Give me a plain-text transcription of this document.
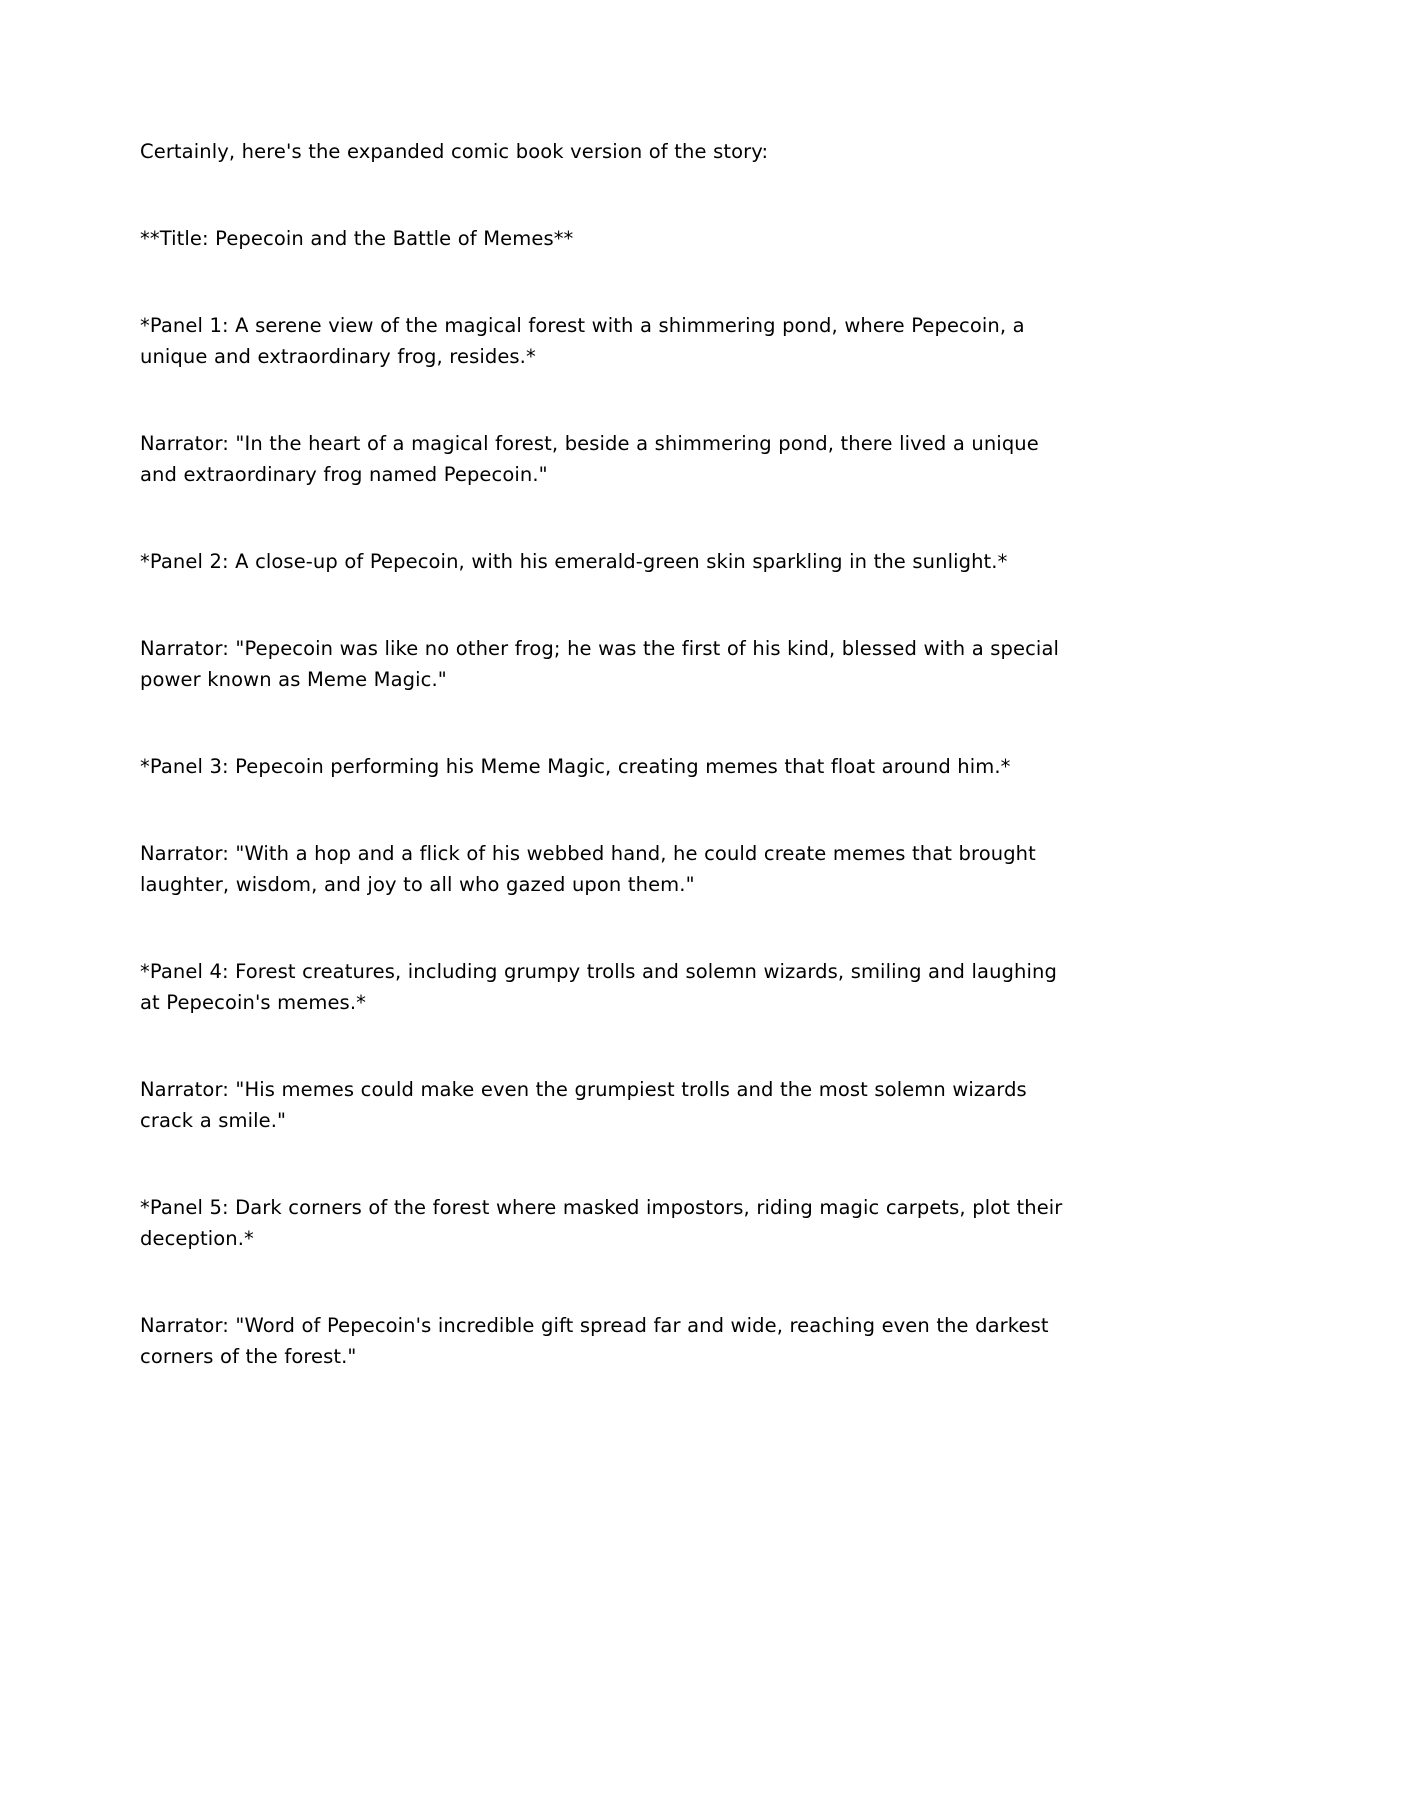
Certainly, here's the expanded comic book version of the story:

**Title: Pepecoin and the Battle of Memes**

*Panel 1: A serene view of the magical forest with a shimmering pond, where Pepecoin, a unique and extraordinary frog, resides.*

Narrator: "In the heart of a magical forest, beside a shimmering pond, there lived a unique and extraordinary frog named Pepecoin."

*Panel 2: A close-up of Pepecoin, with his emerald-green skin sparkling in the sunlight.*

Narrator: "Pepecoin was like no other frog; he was the first of his kind, blessed with a special power known as Meme Magic."

*Panel 3: Pepecoin performing his Meme Magic, creating memes that float around him.*

Narrator: "With a hop and a flick of his webbed hand, he could create memes that brought laughter, wisdom, and joy to all who gazed upon them."

*Panel 4: Forest creatures, including grumpy trolls and solemn wizards, smiling and laughing at Pepecoin's memes.*

Narrator: "His memes could make even the grumpiest trolls and the most solemn wizards crack a smile."

*Panel 5: Dark corners of the forest where masked impostors, riding magic carpets, plot their deception.*

Narrator: "Word of Pepecoin's incredible gift spread far and wide, reaching even the darkest corners of the forest."
